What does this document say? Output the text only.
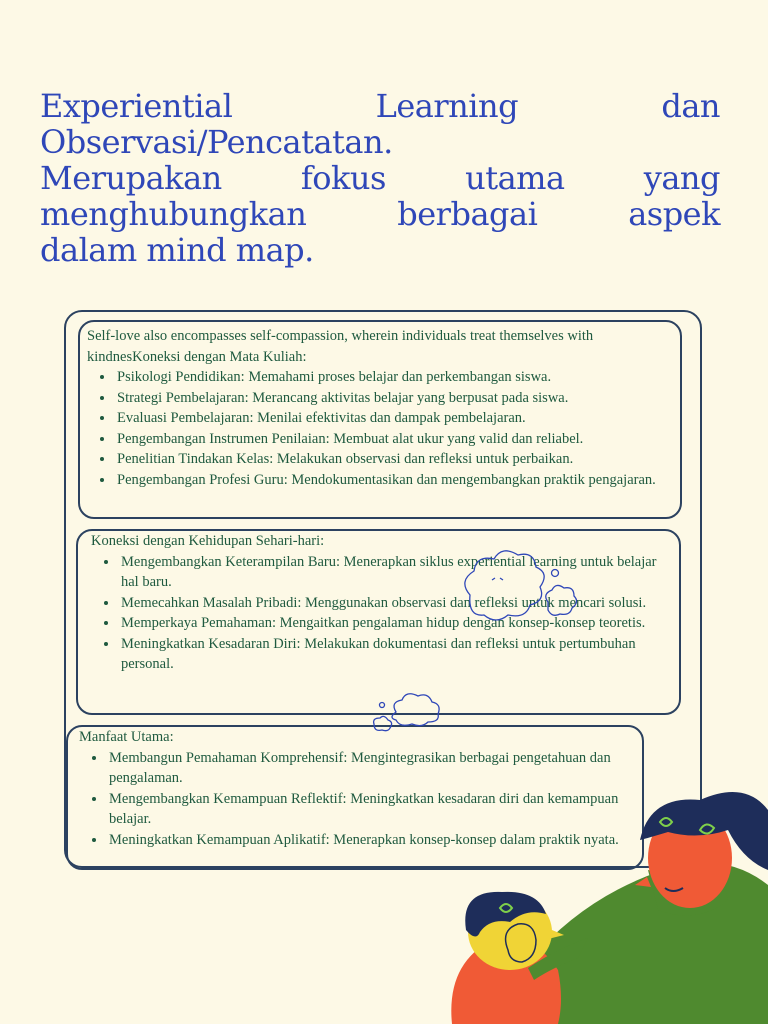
Experiential Learning dan
Observasi/Pencatatan.
Merupakan fokus utama yang
menghubungkan berbagai aspek
dalam mind map.

Self-love also encompasses self-compassion, wherein individuals treat themselves with kindnesKoneksi dengan Mata Kuliah:

• Psikologi Pendidikan: Memahami proses belajar dan perkembangan siswa.
• Strategi Pembelajaran: Merancang aktivitas belajar yang berpusat pada siswa.
• Evaluasi Pembelajaran: Menilai efektivitas dan dampak pembelajaran.
• Pengembangan Instrumen Penilaian: Membuat alat ukur yang valid dan reliabel.
• Penelitian Tindakan Kelas: Melakukan observasi dan refleksi untuk perbaikan.
• Pengembangan Profesi Guru: Mendokumentasikan dan mengembangkan praktik pengajaran.

Koneksi dengan Kehidupan Sehari-hari:

• Mengembangkan Keterampilan Baru: Menerapkan siklus experiential learning untuk belajar hal baru.
• Memecahkan Masalah Pribadi: Menggunakan observasi dan refleksi untuk mencari solusi.
• Memperkaya Pemahaman: Mengaitkan pengalaman hidup dengan konsep-konsep teoretis.
• Meningkatkan Kesadaran Diri: Melakukan dokumentasi dan refleksi untuk pertumbuhan personal.

Manfaat Utama:

• Membangun Pemahaman Komprehensif: Mengintegrasikan berbagai pengetahuan dan pengalaman.
• Mengembangkan Kemampuan Reflektif: Meningkatkan kesadaran diri dan kemampuan belajar.
• Meningkatkan Kemampuan Aplikatif: Menerapkan konsep-konsep dalam praktik nyata.
